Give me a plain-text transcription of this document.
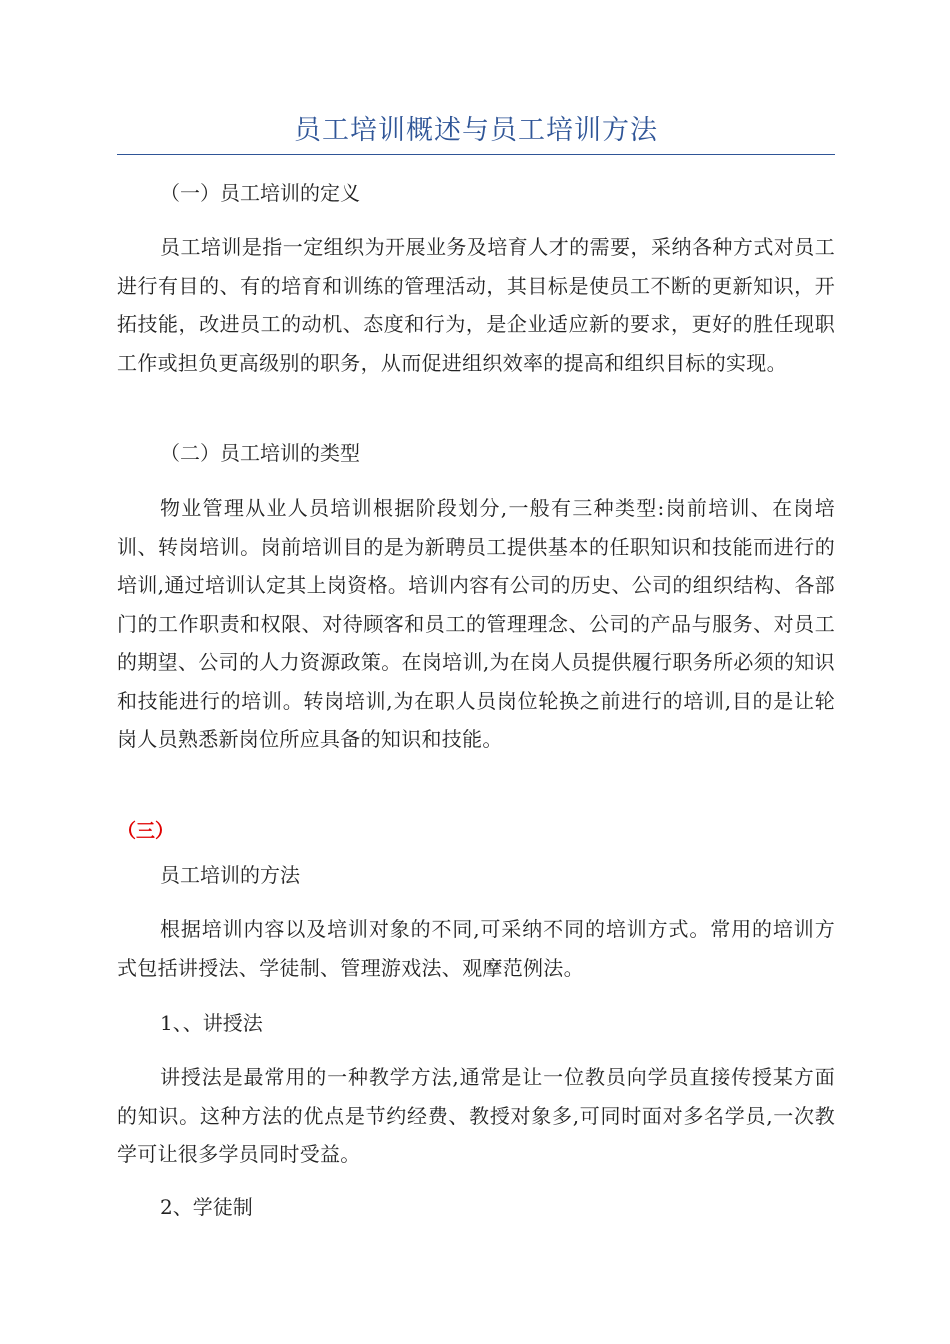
员工培训概述与员工培训方法

（一）员工培训的定义

员工培训是指一定组织为开展业务及培育人才的需要，采纳各种方式对员工进行有目的、有的培育和训练的管理活动，其目标是使员工不断的更新知识，开拓技能，改进员工的动机、态度和行为，是企业适应新的要求，更好的胜任现职工作或担负更高级别的职务，从而促进组织效率的提高和组织目标的实现。

（二）员工培训的类型

物业管理从业人员培训根据阶段划分,一般有三种类型:岗前培训、在岗培训、转岗培训。岗前培训目的是为新聘员工提供基本的任职知识和技能而进行的培训,通过培训认定其上岗资格。培训内容有公司的历史、公司的组织结构、各部门的工作职责和权限、对待顾客和员工的管理理念、公司的产品与服务、对员工的期望、公司的人力资源政策。在岗培训,为在岗人员提供履行职务所必须的知识和技能进行的培训。转岗培训,为在职人员岗位轮换之前进行的培训,目的是让轮岗人员熟悉新岗位所应具备的知识和技能。

（三）

员工培训的方法

根据培训内容以及培训对象的不同,可采纳不同的培训方式。常用的培训方式包括讲授法、学徒制、管理游戏法、观摩范例法。

1、、讲授法

讲授法是最常用的一种教学方法,通常是让一位教员向学员直接传授某方面的知识。这种方法的优点是节约经费、教授对象多,可同时面对多名学员,一次教学可让很多学员同时受益。

2、学徒制
